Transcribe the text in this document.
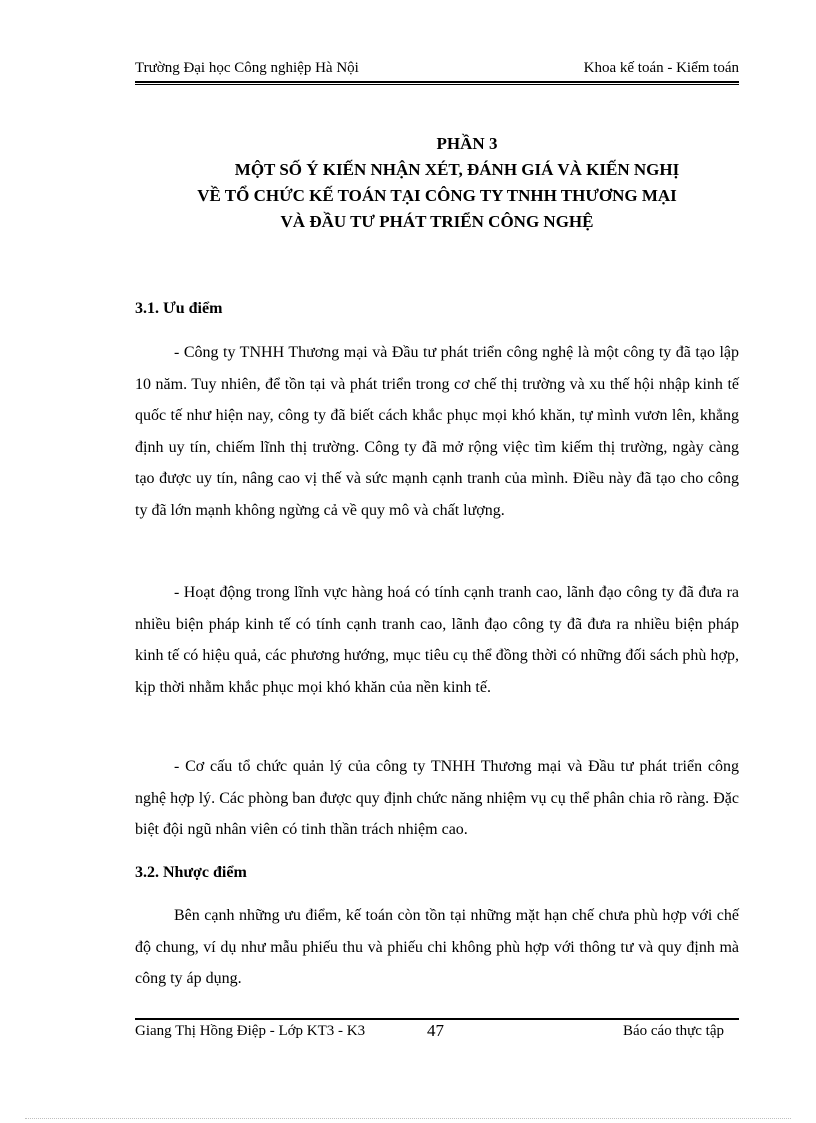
Trường Đại học Công nghiệp Hà Nội	Khoa kế toán - Kiểm toán
PHẦN 3
MỘT SỐ Ý KIẾN NHẬN XÉT, ĐÁNH GIÁ VÀ KIẾN NGHỊ
VỀ TỔ CHỨC KẾ TOÁN TẠI CÔNG TY TNHH THƯƠNG MẠI
VÀ ĐẦU TƯ PHÁT TRIỂN CÔNG NGHỆ
3.1. Ưu điểm

- Công ty TNHH Thương mại và Đầu tư phát triển công nghệ là một công ty đã tạo lập 10 năm. Tuy nhiên, để tồn tại và phát triển trong cơ chế thị trường và xu thế hội nhập kinh tế quốc tế như hiện nay, công ty đã biết cách khắc phục mọi khó khăn, tự mình vươn lên, khẳng định uy tín, chiếm lĩnh thị trường. Công ty đã mở rộng việc tìm kiếm thị trường, ngày càng tạo được uy tín, nâng cao vị thế và sức mạnh cạnh tranh của mình. Điều này đã tạo cho công ty đã lớn mạnh không ngừng cả về quy mô và chất lượng.

- Hoạt động trong lĩnh vực hàng hoá có tính cạnh tranh cao, lãnh đạo công ty đã đưa ra nhiều biện pháp kinh tế có tính cạnh tranh cao, lãnh đạo công ty đã đưa ra nhiều biện pháp kinh tế có hiệu quả, các phương hướng, mục tiêu cụ thể đồng thời có những đối sách phù hợp, kịp thời nhằm khắc phục mọi khó khăn của nền kinh tế.

- Cơ cấu tổ chức quản lý của công ty TNHH Thương mại và Đầu tư phát triển công nghệ hợp lý. Các phòng ban được quy định chức năng nhiệm vụ cụ thể phân chia rõ ràng. Đặc biệt đội ngũ nhân viên có tinh thần trách nhiệm cao.

3.2. Nhược điểm

Bên cạnh những ưu điểm, kế toán còn tồn tại những mặt hạn chế chưa phù hợp với chế độ chung, ví dụ như mẫu phiếu thu và phiếu chi không phù hợp với thông tư và quy định mà công ty áp dụng.

Giang Thị Hồng Điệp - Lớp KT3 - K3	47	Báo cáo thực tập
